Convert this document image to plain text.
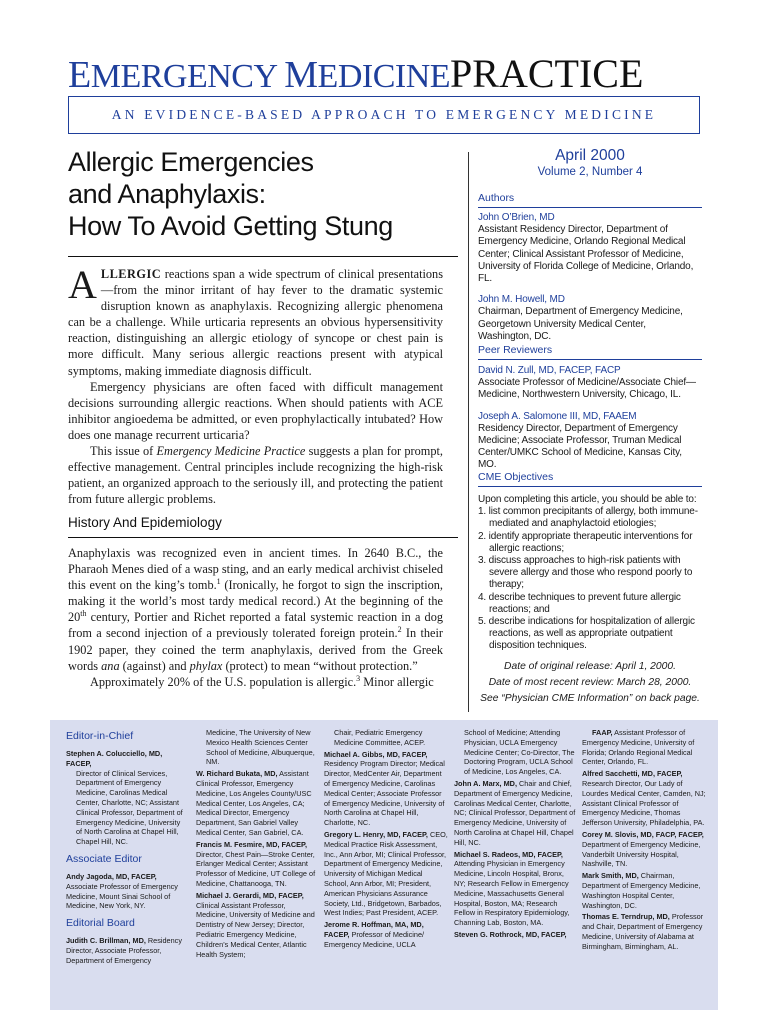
EMERGENCY MEDICINEPRACTICE
AN EVIDENCE-BASED APPROACH TO EMERGENCY MEDICINE
Allergic Emergencies
and Anaphylaxis:
How To Avoid Getting Stung

ALLERGIC reactions span a wide spectrum of clinical presentations—from the minor irritant of hay fever to the dramatic systemic disruption known as anaphylaxis. Recognizing allergic phenomena can be a challenge. While urticaria represents an obvious hypersensitivity reaction, distinguishing an allergic etiology of syncope or chest pain is more difficult. Many serious allergic reactions present with atypical symptoms, making immediate diagnosis difficult.

Emergency physicians are often faced with difficult management decisions surrounding allergic reactions. When should patients with ACE inhibitor angioedema be admitted, or even prophylactically intubated? How does one manage recurrent urticaria?

This issue of Emergency Medicine Practice suggests a plan for prompt, effective management. Central principles include recognizing the high-risk patient, an organized approach to the seriously ill, and protecting the patient from future allergic problems.

History And Epidemiology

Anaphylaxis was recognized even in ancient times. In 2640 B.C., the Pharaoh Menes died of a wasp sting, and an early medical archivist chiseled this event on the king’s tomb.$^1$ (Ironically, he forgot to sign the inscription, making it the world’s most tardy medical record.) At the beginning of the 20th century, Portier and Richet reported a fatal systemic reaction in a dog from a second injection of a previously tolerated foreign protein.$^2$ In their 1902 paper, they coined the term anaphylaxis, derived from the Greek words ana (against) and phylax (protect) to mean “without protection.”

Approximately 20% of the U.S. population is allergic.$^3$ Minor allergic

April 2000
Volume 2, Number 4
Authors
John O’Brien, MD
Assistant Residency Director, Department of Emergency Medicine, Orlando Regional Medical Center; Clinical Assistant Professor of Medicine, University of Florida College of Medicine, Orlando, FL.
John M. Howell, MD
Chairman, Department of Emergency Medicine, Georgetown University Medical Center, Washington, DC.
Peer Reviewers
David N. Zull, MD, FACEP, FACP
Associate Professor of Medicine/Associate Chief—Medicine, Northwestern University, Chicago, IL.
Joseph A. Salomone III, MD, FAAEM
Residency Director, Department of Emergency Medicine; Associate Professor, Truman Medical Center/UMKC School of Medicine, Kansas City, MO.
CME Objectives
Upon completing this article, you should be able to:
1. list common precipitants of allergy, both immune-mediated and anaphylactoid etiologies;
2. identify appropriate therapeutic interventions for allergic reactions;
3. discuss approaches to high-risk patients with severe allergy and those who respond poorly to therapy;
4. describe techniques to prevent future allergic reactions; and
5. describe indications for hospitalization of allergic reactions, as well as appropriate outpatient disposition techniques.
Date of original release: April 1, 2000.
Date of most recent review: March 28, 2000.
See “Physician CME Information” on back page.
Editor-in-Chief
Stephen A. Colucciello, MD, FACEP,
Director of Clinical Services, Department of Emergency Medicine, Carolinas Medical Center, Charlotte, NC; Assistant Clinical Professor, Department of Emergency Medicine, University of North Carolina at Chapel Hill, Chapel Hill, NC.
Associate Editor
Andy Jagoda, MD, FACEP, Associate Professor of Emergency Medicine, Mount Sinai School of Medicine, New York, NY.
Editorial Board
Judith C. Brillman, MD, Residency Director, Associate Professor, Department of Emergency
Medicine, The University of New Mexico Health Sciences Center School of Medicine, Albuquerque, NM.
W. Richard Bukata, MD, Assistant Clinical Professor, Emergency Medicine, Los Angeles County/USC Medical Center, Los Angeles, CA; Medical Director, Emergency Department, San Gabriel Valley Medical Center, San Gabriel, CA.
Francis M. Fesmire, MD, FACEP, Director, Chest Pain—Stroke Center, Erlanger Medical Center; Assistant Professor of Medicine, UT College of Medicine, Chattanooga, TN.
Michael J. Gerardi, MD, FACEP, Clinical Assistant Professor, Medicine, University of Medicine and Dentistry of New Jersey; Director, Pediatric Emergency Medicine, Children’s Medical Center, Atlantic Health System;
Chair, Pediatric Emergency Medicine Committee, ACEP.
Michael A. Gibbs, MD, FACEP, Residency Program Director; Medical Director, MedCenter Air, Department of Emergency Medicine, Carolinas Medical Center; Associate Professor of Emergency Medicine, University of North Carolina at Chapel Hill, Charlotte, NC.
Gregory L. Henry, MD, FACEP, CEO, Medical Practice Risk Assessment, Inc., Ann Arbor, MI; Clinical Professor, Department of Emergency Medicine, University of Michigan Medical School, Ann Arbor, MI; President, American Physicians Assurance Society, Ltd., Bridgetown, Barbados, West Indies; Past President, ACEP.
Jerome R. Hoffman, MA, MD, FACEP, Professor of Medicine/ Emergency Medicine, UCLA
School of Medicine; Attending Physician, UCLA Emergency Medicine Center; Co-Director, The Doctoring Program, UCLA School of Medicine, Los Angeles, CA.
John A. Marx, MD, Chair and Chief, Department of Emergency Medicine, Carolinas Medical Center, Charlotte, NC; Clinical Professor, Department of Emergency Medicine, University of North Carolina at Chapel Hill, Chapel Hill, NC.
Michael S. Radeos, MD, FACEP, Attending Physician in Emergency Medicine, Lincoln Hospital, Bronx, NY; Research Fellow in Emergency Medicine, Massachusetts General Hospital, Boston, MA; Research Fellow in Respiratory Epidemiology, Channing Lab, Boston, MA.
Steven G. Rothrock, MD, FACEP,
FAAP, Assistant Professor of Emergency Medicine, University of Florida; Orlando Regional Medical Center, Orlando, FL.
Alfred Sacchetti, MD, FACEP, Research Director, Our Lady of Lourdes Medical Center, Camden, NJ; Assistant Clinical Professor of Emergency Medicine, Thomas Jefferson University, Philadelphia, PA.
Corey M. Slovis, MD, FACP, FACEP, Department of Emergency Medicine, Vanderbilt University Hospital, Nashville, TN.
Mark Smith, MD, Chairman, Department of Emergency Medicine, Washington Hospital Center, Washington, DC.
Thomas E. Terndrup, MD, Professor and Chair, Department of Emergency Medicine, University of Alabama at Birmingham, Birmingham, AL.
